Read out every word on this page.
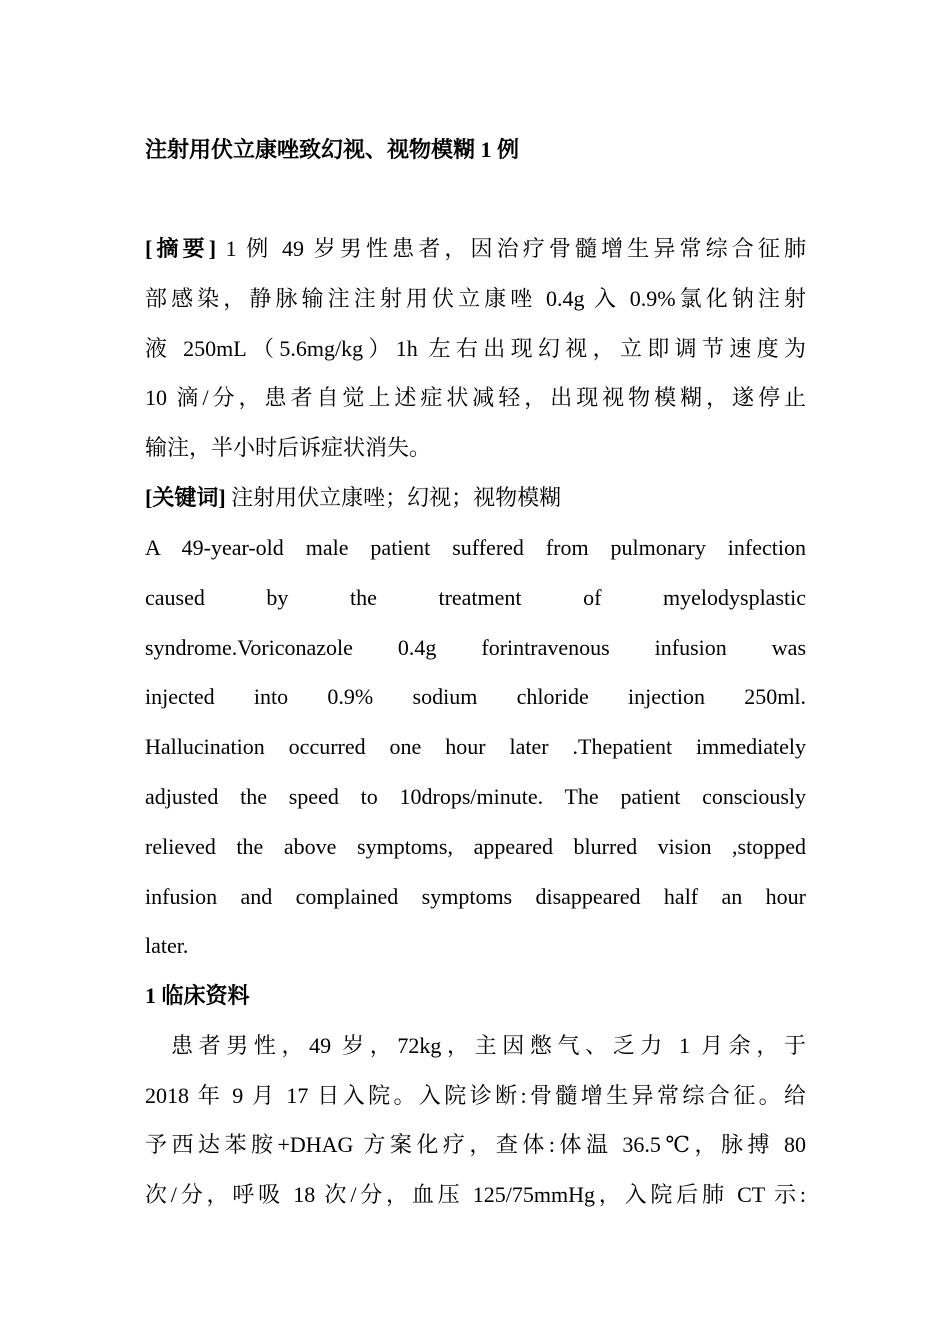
注射用伏立康唑致幻视、视物模糊 1 例
[摘要] 1 例 49 岁男性患者，因治疗骨髓增生异常综合征肺
部感染，静脉输注注射用伏立康唑 0.4g 入 0.9%氯化钠注射
液 250mL（5.6mg/kg）1h 左右出现幻视，立即调节速度为
10 滴/分，患者自觉上述症状减轻，出现视物模糊，遂停止
输注，半小时后诉症状消失。
[关键词] 注射用伏立康唑；幻视；视物模糊
A 49-year-old male patient suffered from pulmonary infection
caused by the treatment of myelodysplastic
syndrome.Voriconazole 0.4g forintravenous infusion was
injected into 0.9% sodium chloride injection 250ml.
Hallucination occurred one hour later .Thepatient immediately
adjusted the speed to 10drops/minute. The patient consciously
relieved the above symptoms, appeared blurred vision ,stopped
infusion and complained symptoms disappeared half an hour
later.
1 临床资料
患者男性，49 岁，72kg，主因憋气、乏力 1 月余，于
2018 年 9 月 17 日入院。入院诊断:骨髓增生异常综合征。给
予西达苯胺+DHAG 方案化疗，查体:体温 36.5℃，脉搏 80
次/分，呼吸 18 次/分，血压 125/75mmHg，入院后肺 CT 示:
